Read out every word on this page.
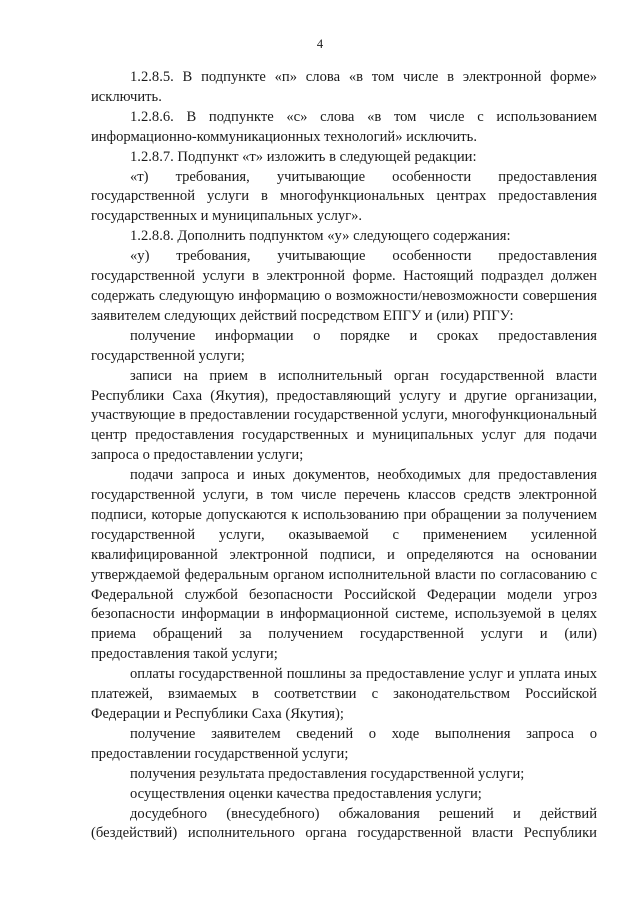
4

1.2.8.5. В подпункте «п» слова «в том числе в электронной форме» исключить.

1.2.8.6. В подпункте «с» слова «в том числе с использованием информационно-коммуникационных технологий» исключить.

1.2.8.7. Подпункт «т» изложить в следующей редакции:

«т) требования, учитывающие особенности предоставления государственной услуги в многофункциональных центрах предоставления государственных и муниципальных услуг».

1.2.8.8. Дополнить подпунктом «у» следующего содержания:

«у) требования, учитывающие особенности предоставления государственной услуги в электронной форме. Настоящий подраздел должен содержать следующую информацию о возможности/невозможности совершения заявителем следующих действий посредством ЕПГУ и (или) РПГУ:

получение информации о порядке и сроках предоставления государственной услуги;

записи на прием в исполнительный орган государственной власти Республики Саха (Якутия), предоставляющий услугу и другие организации, участвующие в предоставлении государственной услуги, многофункциональный центр предоставления государственных и муниципальных услуг для подачи запроса о предоставлении услуги;

подачи запроса и иных документов, необходимых для предоставления государственной услуги, в том числе перечень классов средств электронной подписи, которые допускаются к использованию при обращении за получением государственной услуги, оказываемой с применением усиленной квалифицированной электронной подписи, и определяются на основании утверждаемой федеральным органом исполнительной власти по согласованию с Федеральной службой безопасности Российской Федерации модели угроз безопасности информации в информационной системе, используемой в целях приема обращений за получением государственной услуги и (или) предоставления такой услуги;

оплаты государственной пошлины за предоставление услуг и уплата иных платежей, взимаемых в соответствии с законодательством Российской Федерации и Республики Саха (Якутия);

получение заявителем сведений о ходе выполнения запроса о предоставлении государственной услуги;

получения результата предоставления государственной услуги;

осуществления оценки качества предоставления услуги;

досудебного (внесудебного) обжалования решений и действий (бездействий) исполнительного органа государственной власти Республики
